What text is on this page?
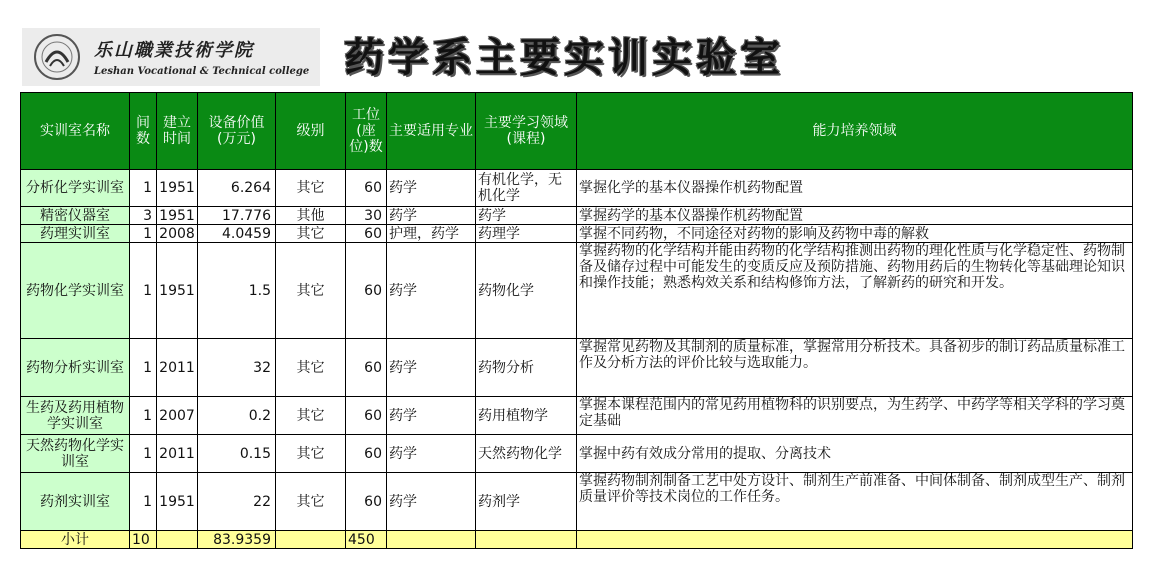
乐山職業技術学院
Leshan Vocational & Technical college 药学系主要实训实验室
实训室名称	间数	建立时间	设备价值(万元)	级别	工位(座位)数	主要适用专业	主要学习领域(课程)	能力培养领域
分析化学实训室	1	1951	6.264	其它	60	药学	有机化学，无机化学	掌握化学的基本仪器操作机药物配置
精密仪器室	3	1951	17.776	其他	30	药学	药学	掌握药学的基本仪器操作机药物配置
药理实训室	1	2008	4.0459	其它	60	护理，药学	药理学	掌握不同药物，不同途径对药物的影响及药物中毒的解救
药物化学实训室	1	1951	1.5	其它	60	药学	药物化学	掌握药物的化学结构并能由药物的化学结构推测出药物的理化性质与化学稳定性、药物制备及储存过程中可能发生的变质反应及预防措施、药物用药后的生物转化等基础理论知识和操作技能；熟悉构效关系和结构修饰方法，了解新药的研究和开发。
药物分析实训室	1	2011	32	其它	60	药学	药物分析	掌握常见药物及其制剂的质量标准，掌握常用分析技术。具备初步的制订药品质量标准工作及分析方法的评价比较与选取能力。
生药及药用植物学实训室	1	2007	0.2	其它	60	药学	药用植物学	掌握本课程范围内的常见药用植物科的识别要点，为生药学、中药学等相关学科的学习奠定基础
天然药物化学实训室	1	2011	0.15	其它	60	药学	天然药物化学	掌握中药有效成分常用的提取、分离技术
药剂实训室	1	1951	22	其它	60	药学	药剂学	掌握药物制剂制备工艺中处方设计、制剂生产前准备、中间体制备、制剂成型生产、制剂质量评价等技术岗位的工作任务。
小计	10		83.9359		450			
